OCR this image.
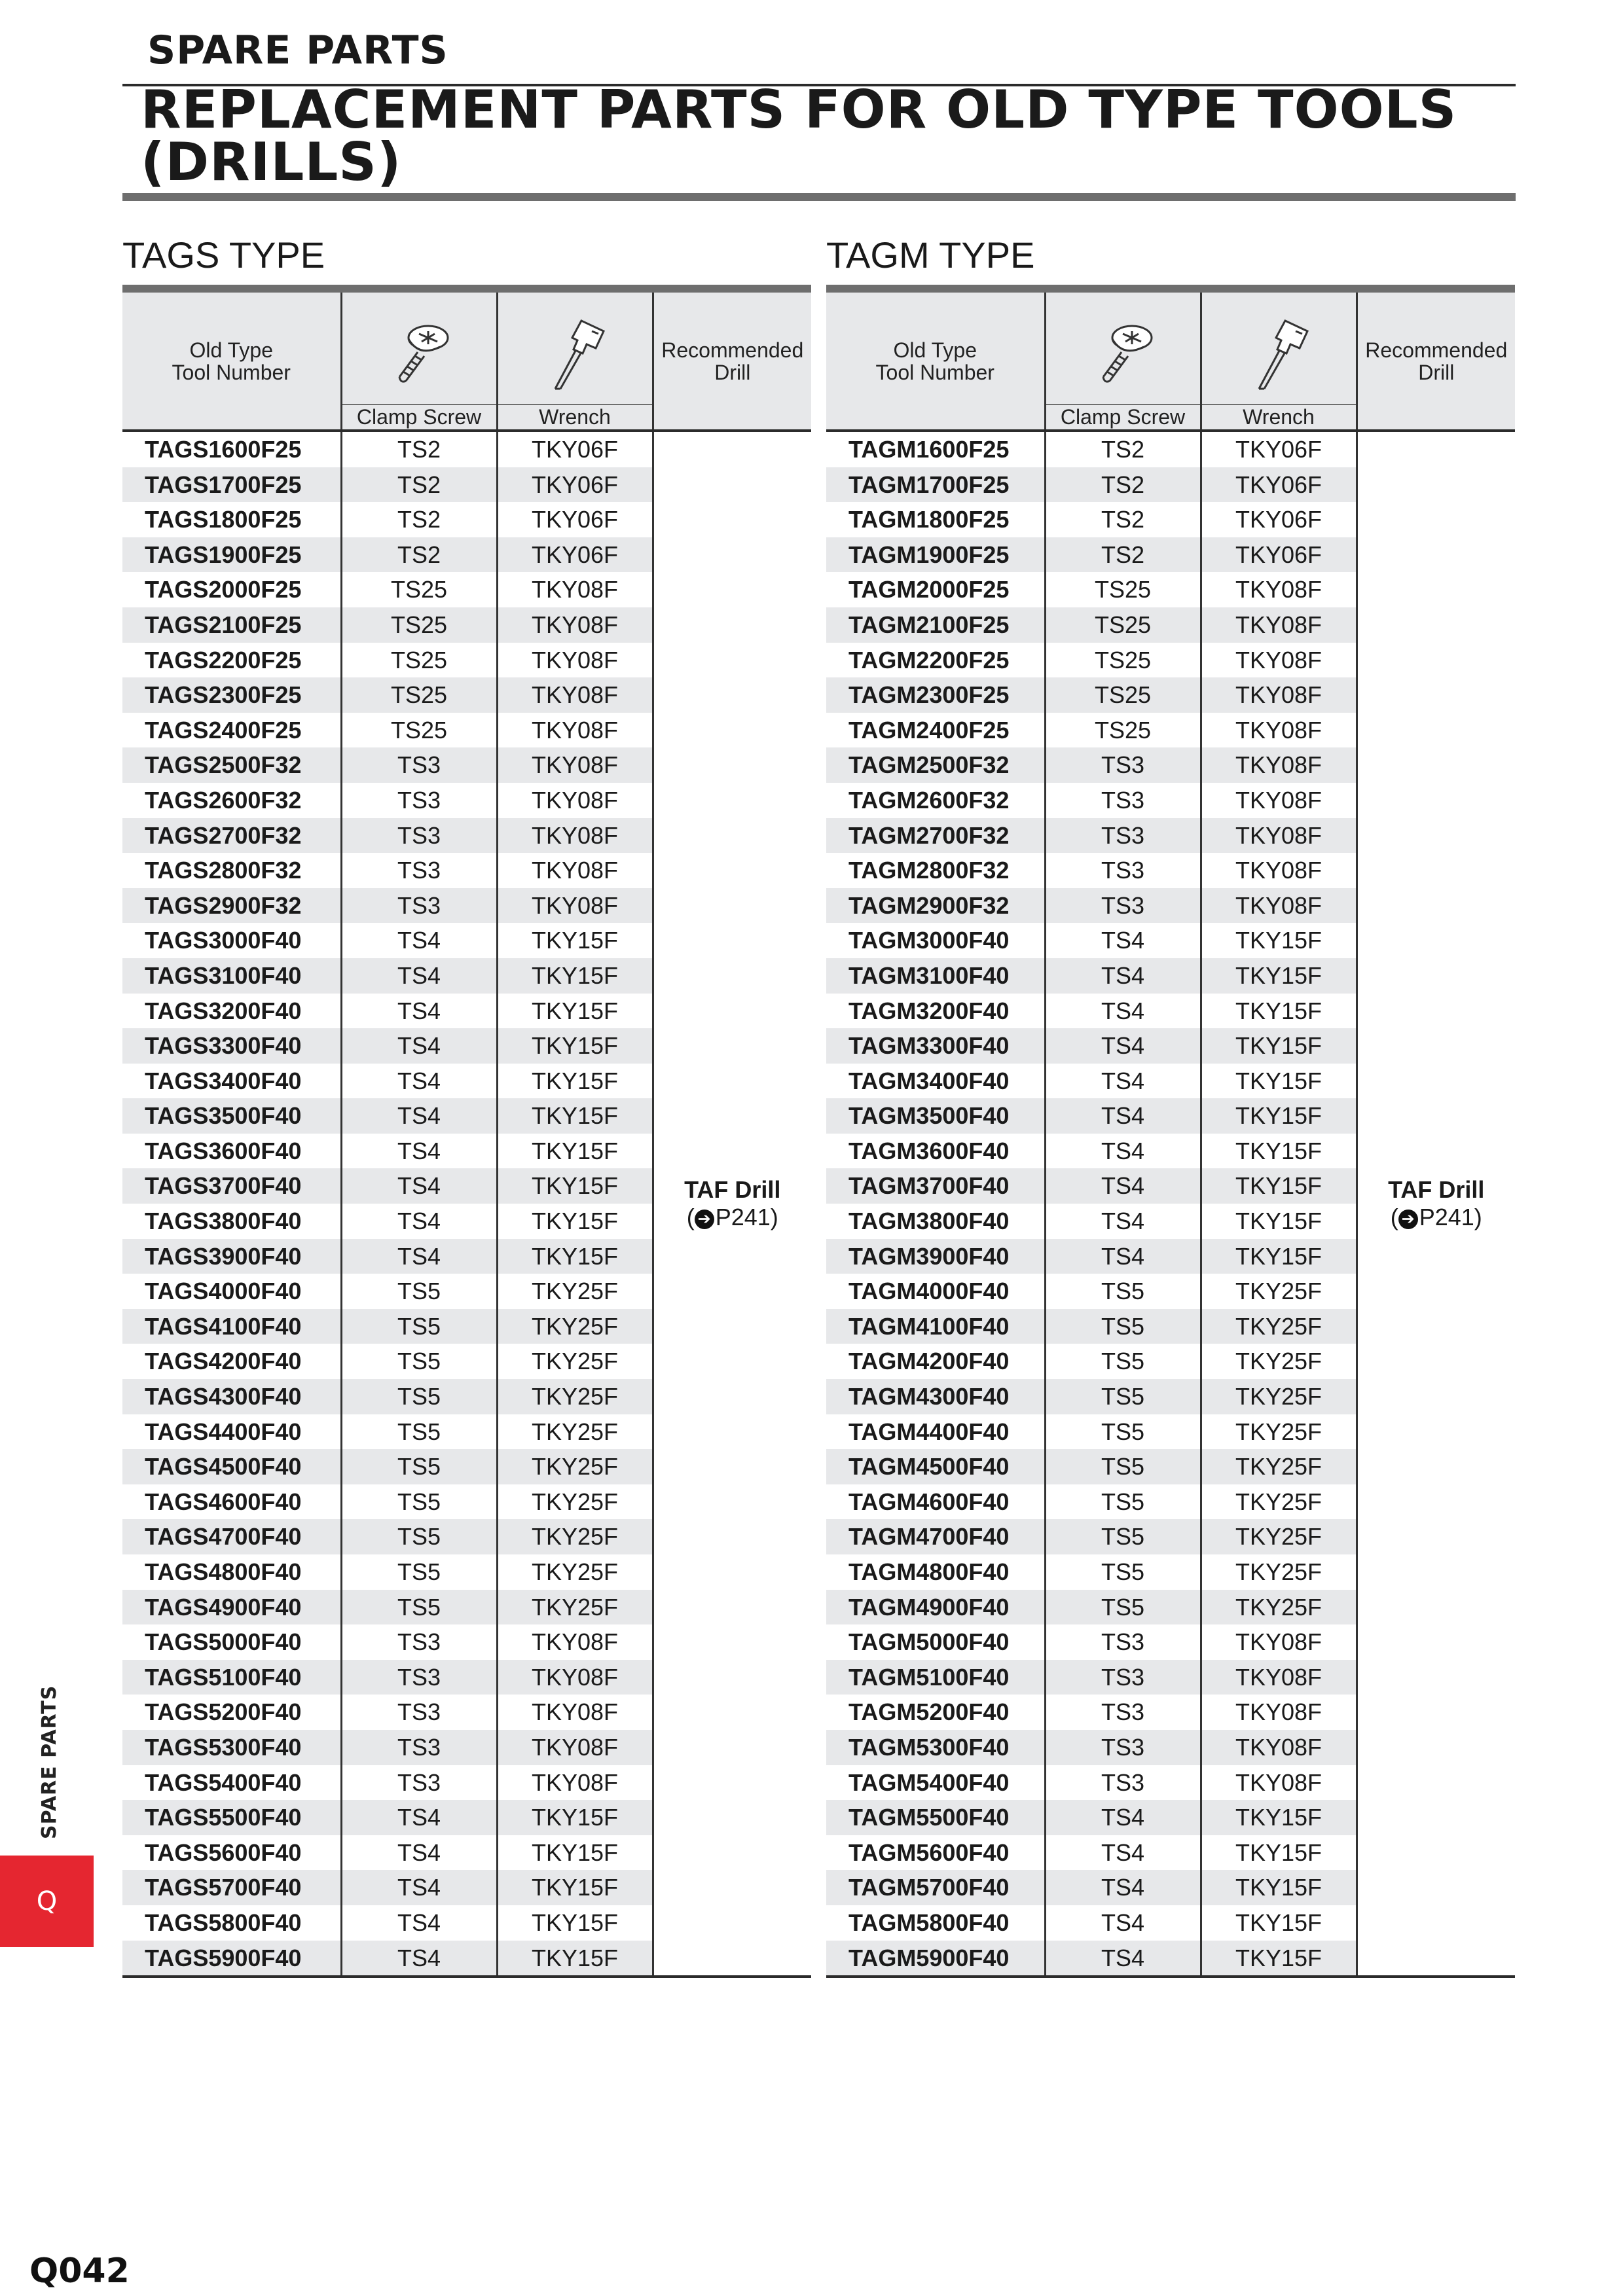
SPARE PARTS
REPLACEMENT PARTS FOR OLD TYPE TOOLS (DRILLS)
TAGS TYPE
Old Type
Tool Number			Recommended
Drill

	Clamp Screw	Wrench	

TAGS1600F25	TS2	TKY06F	TAF Drill
( ➔ P241)

TAGS1700F25	TS2	TKY06F	
TAGS1800F25	TS2	TKY06F	
TAGS1900F25	TS2	TKY06F	
TAGS2000F25	TS25	TKY08F	
TAGS2100F25	TS25	TKY08F	
TAGS2200F25	TS25	TKY08F	
TAGS2300F25	TS25	TKY08F	
TAGS2400F25	TS25	TKY08F	
TAGS2500F32	TS3	TKY08F	
TAGS2600F32	TS3	TKY08F	
TAGS2700F32	TS3	TKY08F	
TAGS2800F32	TS3	TKY08F	
TAGS2900F32	TS3	TKY08F	
TAGS3000F40	TS4	TKY15F	
TAGS3100F40	TS4	TKY15F	
TAGS3200F40	TS4	TKY15F	
TAGS3300F40	TS4	TKY15F	
TAGS3400F40	TS4	TKY15F	
TAGS3500F40	TS4	TKY15F	
TAGS3600F40	TS4	TKY15F	
TAGS3700F40	TS4	TKY15F	
TAGS3800F40	TS4	TKY15F	
TAGS3900F40	TS4	TKY15F	
TAGS4000F40	TS5	TKY25F	
TAGS4100F40	TS5	TKY25F	
TAGS4200F40	TS5	TKY25F	
TAGS4300F40	TS5	TKY25F	
TAGS4400F40	TS5	TKY25F	
TAGS4500F40	TS5	TKY25F	
TAGS4600F40	TS5	TKY25F	
TAGS4700F40	TS5	TKY25F	
TAGS4800F40	TS5	TKY25F	
TAGS4900F40	TS5	TKY25F	
TAGS5000F40	TS3	TKY08F	
TAGS5100F40	TS3	TKY08F	
TAGS5200F40	TS3	TKY08F	
TAGS5300F40	TS3	TKY08F	
TAGS5400F40	TS3	TKY08F	
TAGS5500F40	TS4	TKY15F	
TAGS5600F40	TS4	TKY15F	
TAGS5700F40	TS4	TKY15F	
TAGS5800F40	TS4	TKY15F	
TAGS5900F40	TS4	TKY15F	
TAGM TYPE
Old Type
Tool Number			Recommended
Drill

	Clamp Screw	Wrench	

TAGM1600F25	TS2	TKY06F	TAF Drill
( ➔ P241)

TAGM1700F25	TS2	TKY06F	
TAGM1800F25	TS2	TKY06F	
TAGM1900F25	TS2	TKY06F	
TAGM2000F25	TS25	TKY08F	
TAGM2100F25	TS25	TKY08F	
TAGM2200F25	TS25	TKY08F	
TAGM2300F25	TS25	TKY08F	
TAGM2400F25	TS25	TKY08F	
TAGM2500F32	TS3	TKY08F	
TAGM2600F32	TS3	TKY08F	
TAGM2700F32	TS3	TKY08F	
TAGM2800F32	TS3	TKY08F	
TAGM2900F32	TS3	TKY08F	
TAGM3000F40	TS4	TKY15F	
TAGM3100F40	TS4	TKY15F	
TAGM3200F40	TS4	TKY15F	
TAGM3300F40	TS4	TKY15F	
TAGM3400F40	TS4	TKY15F	
TAGM3500F40	TS4	TKY15F	
TAGM3600F40	TS4	TKY15F	
TAGM3700F40	TS4	TKY15F	
TAGM3800F40	TS4	TKY15F	
TAGM3900F40	TS4	TKY15F	
TAGM4000F40	TS5	TKY25F	
TAGM4100F40	TS5	TKY25F	
TAGM4200F40	TS5	TKY25F	
TAGM4300F40	TS5	TKY25F	
TAGM4400F40	TS5	TKY25F	
TAGM4500F40	TS5	TKY25F	
TAGM4600F40	TS5	TKY25F	
TAGM4700F40	TS5	TKY25F	
TAGM4800F40	TS5	TKY25F	
TAGM4900F40	TS5	TKY25F	
TAGM5000F40	TS3	TKY08F	
TAGM5100F40	TS3	TKY08F	
TAGM5200F40	TS3	TKY08F	
TAGM5300F40	TS3	TKY08F	
TAGM5400F40	TS3	TKY08F	
TAGM5500F40	TS4	TKY15F	
TAGM5600F40	TS4	TKY15F	
TAGM5700F40	TS4	TKY15F	
TAGM5800F40	TS4	TKY15F	
TAGM5900F40	TS4	TKY15F	
SPARE PARTS
Q
Q042
